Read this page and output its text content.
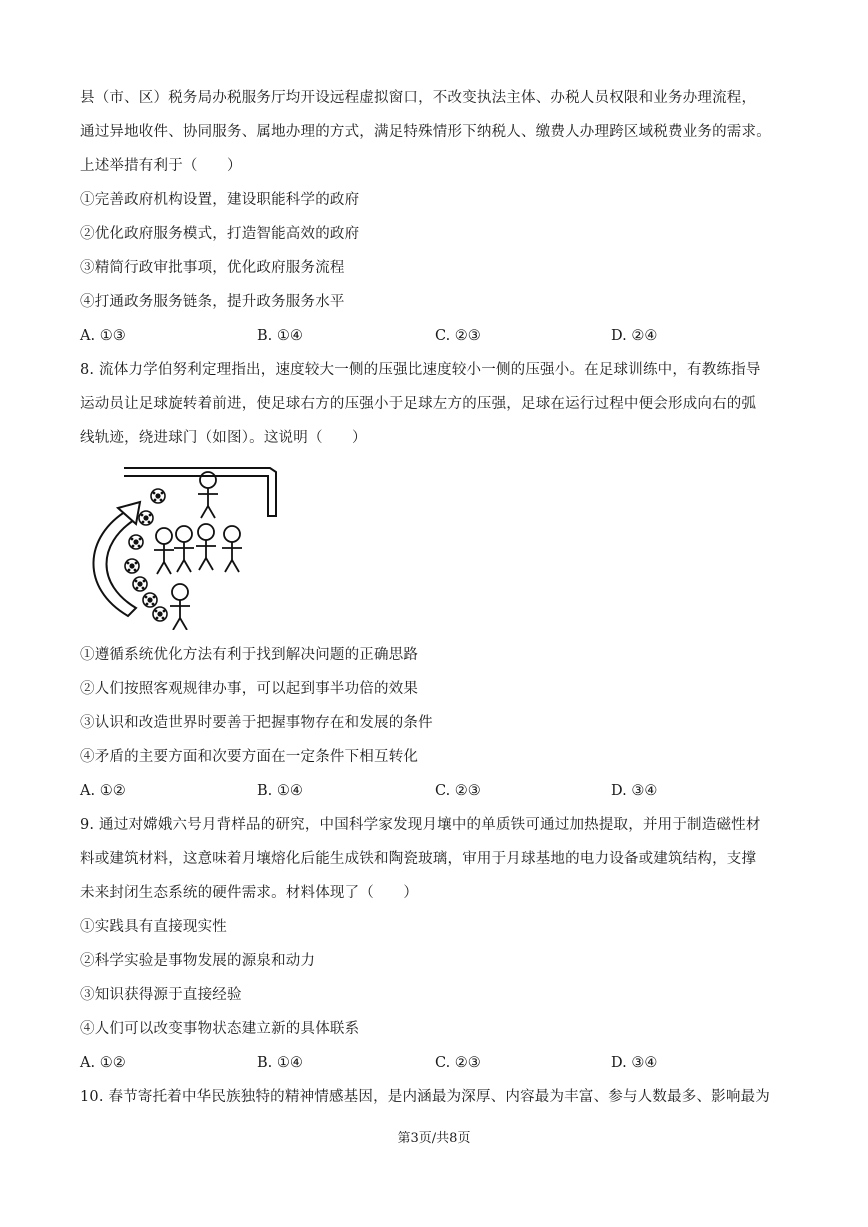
县（市、区）税务局办税服务厅均开设远程虚拟窗口，不改变执法主体、办税人员权限和业务办理流程，
通过异地收件、协同服务、属地办理的方式，满足特殊情形下纳税人、缴费人办理跨区域税费业务的需求。
上述举措有利于（　　）
①完善政府机构设置，建设职能科学的政府
②优化政府服务模式，打造智能高效的政府
③精简行政审批事项，优化政府服务流程
④打通政务服务链条，提升政务服务水平
A. ①③	B. ①④	C. ②③	D. ②④
8. 流体力学伯努利定理指出，速度较大一侧的压强比速度较小一侧的压强小。在足球训练中，有教练指导
运动员让足球旋转着前进，使足球右方的压强小于足球左方的压强，足球在运行过程中便会形成向右的弧
线轨迹，绕进球门（如图）。这说明（　　）
①遵循系统优化方法有利于找到解决问题的正确思路
②人们按照客观规律办事，可以起到事半功倍的效果
③认识和改造世界时要善于把握事物存在和发展的条件
④矛盾的主要方面和次要方面在一定条件下相互转化
A. ①②	B. ①④	C. ②③	D. ③④
9. 通过对嫦娥六号月背样品的研究，中国科学家发现月壤中的单质铁可通过加热提取，并用于制造磁性材
料或建筑材料，这意味着月壤熔化后能生成铁和陶瓷玻璃，审用于月球基地的电力设备或建筑结构，支撑
未来封闭生态系统的硬件需求。材料体现了（　　）
①实践具有直接现实性
②科学实验是事物发展的源泉和动力
③知识获得源于直接经验
④人们可以改变事物状态建立新的具体联系
A. ①②	B. ①④	C. ②③	D. ③④
10. 春节寄托着中华民族独特的精神情感基因，是内涵最为深厚、内容最为丰富、参与人数最多、影响最为
第3页/共8页
